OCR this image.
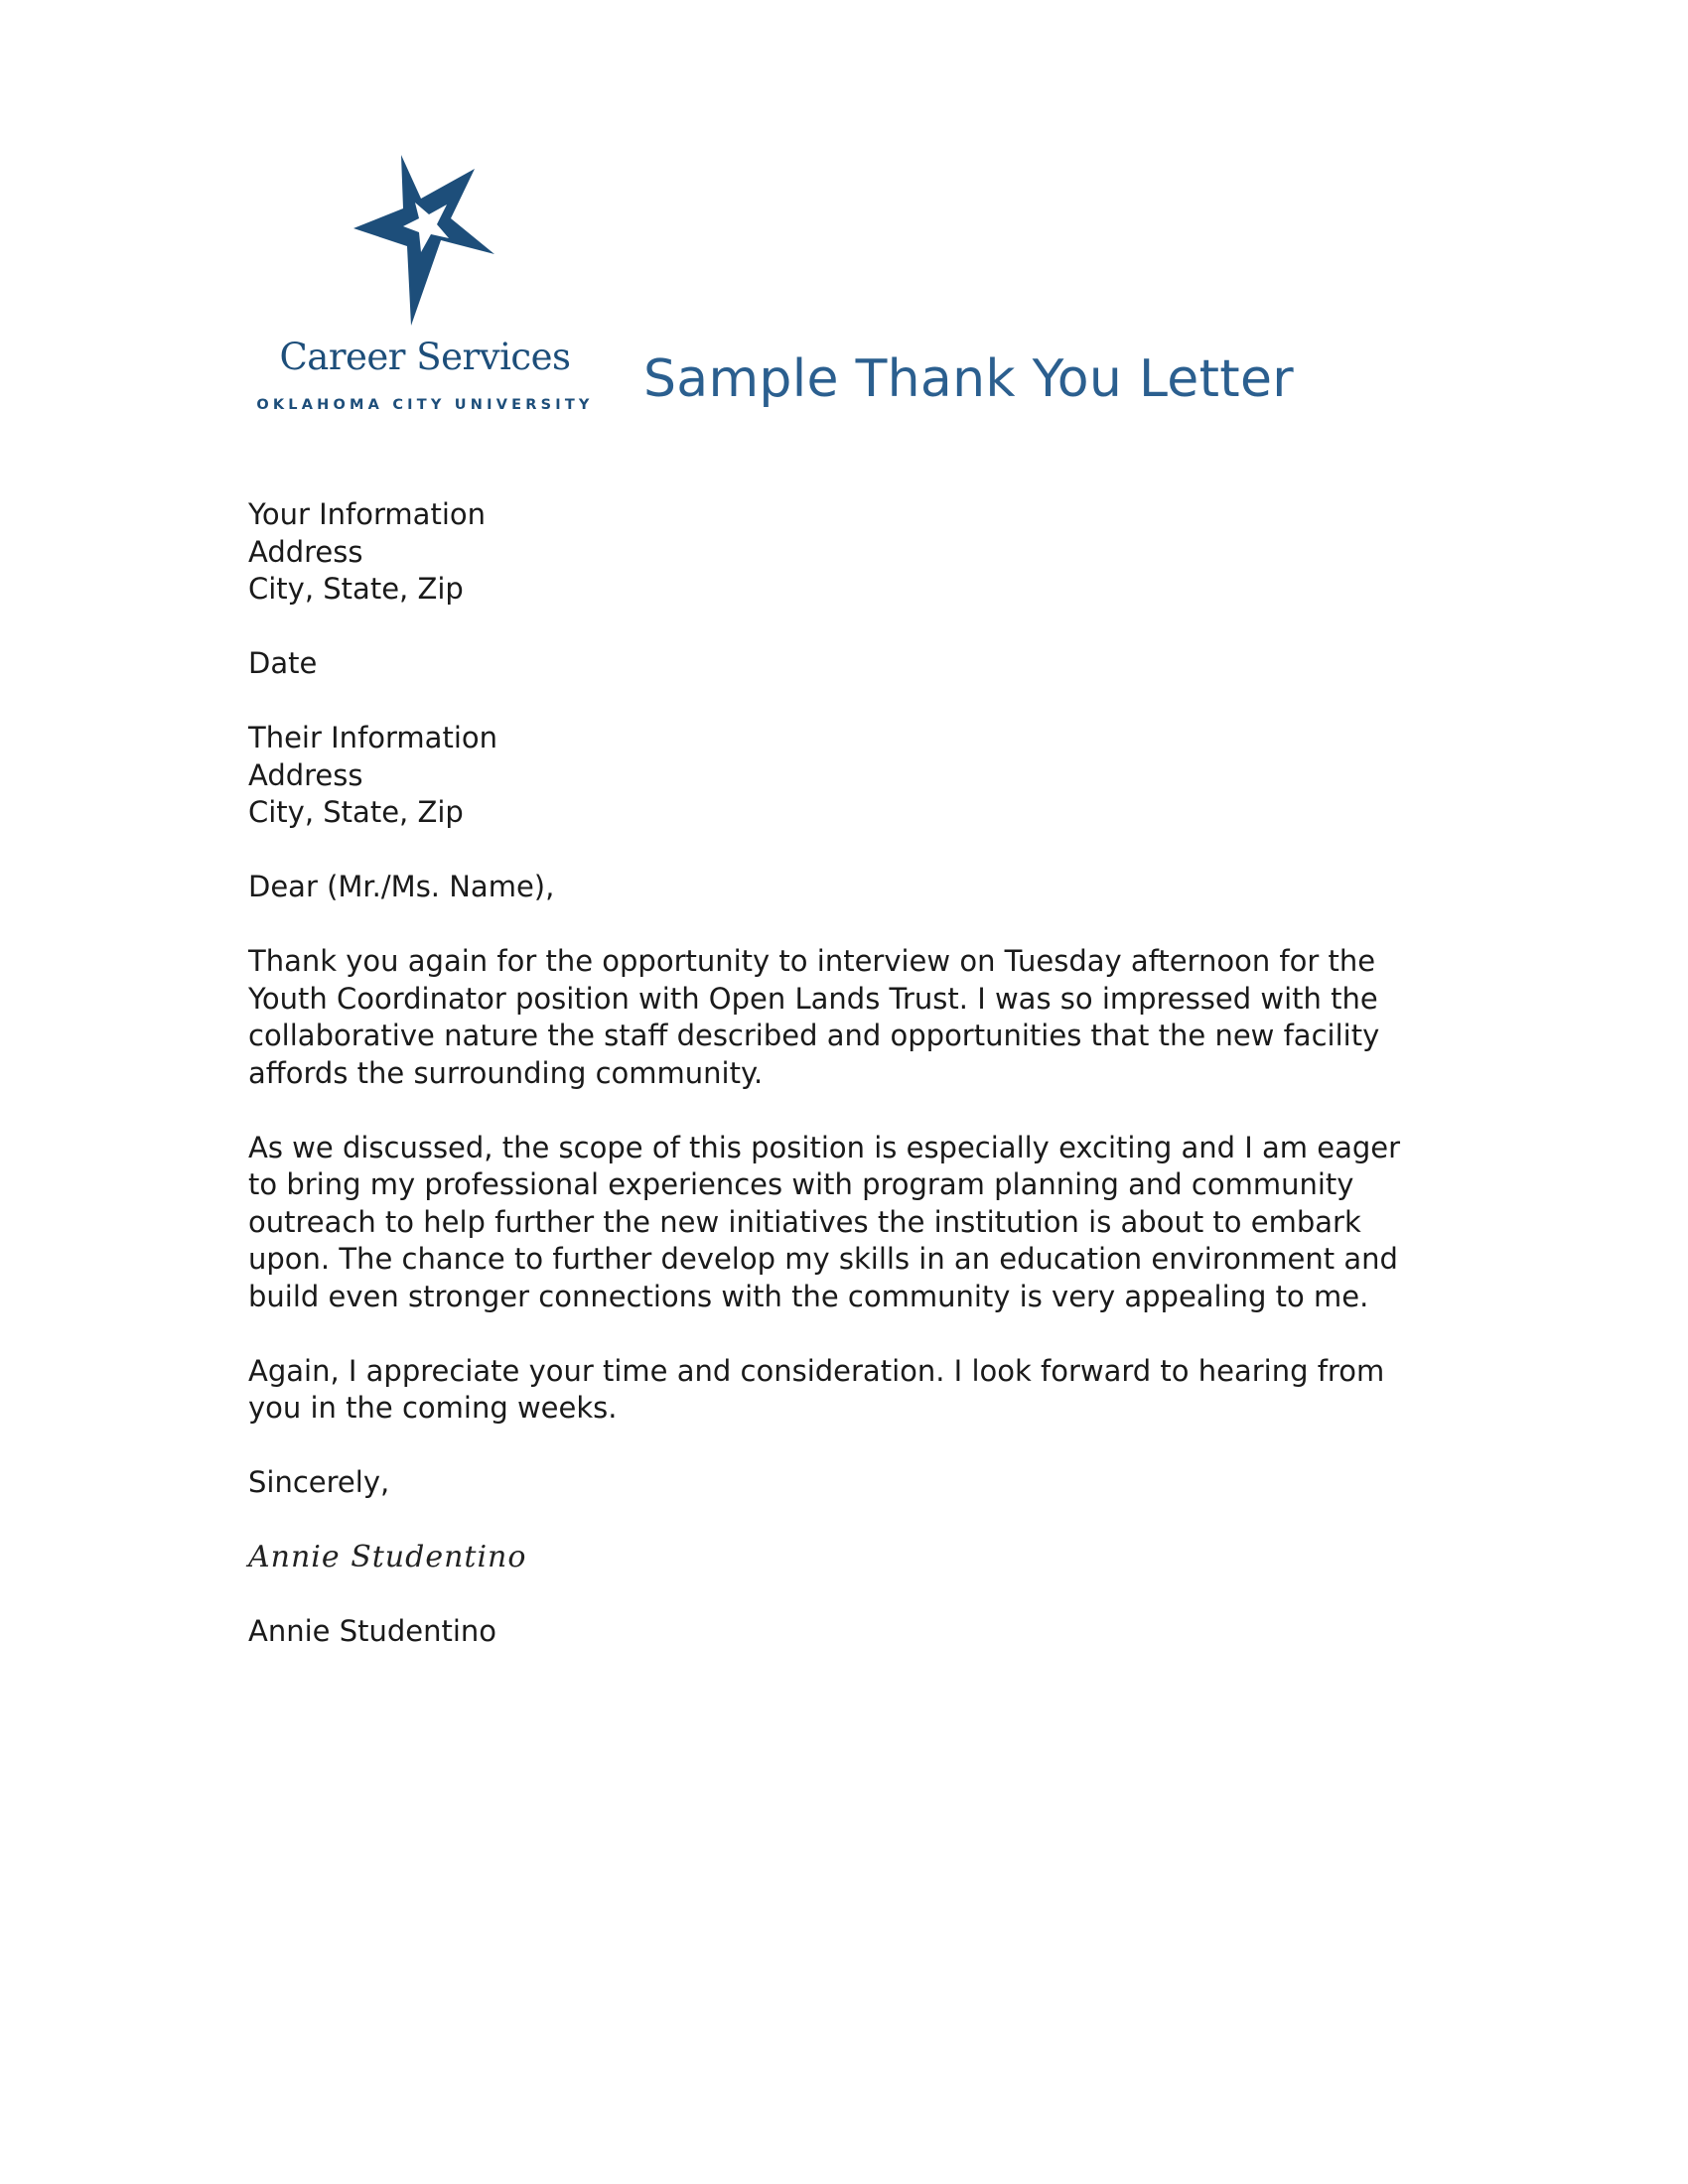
Career Services
OKLAHOMA CITY UNIVERSITY Sample Thank You Letter

Your Information
Address
City, State, Zip

Date

Their Information
Address
City, State, Zip

Dear (Mr./Ms. Name),

Thank you again for the opportunity to interview on Tuesday afternoon for the
Youth Coordinator position with Open Lands Trust. I was so impressed with the
collaborative nature the staff described and opportunities that the new facility
affords the surrounding community.

As we discussed, the scope of this position is especially exciting and I am eager
to bring my professional experiences with program planning and community
outreach to help further the new initiatives the institution is about to embark
upon. The chance to further develop my skills in an education environment and
build even stronger connections with the community is very appealing to me.

Again, I appreciate your time and consideration. I look forward to hearing from
you in the coming weeks.

Sincerely,

Annie Studentino

Annie Studentino
